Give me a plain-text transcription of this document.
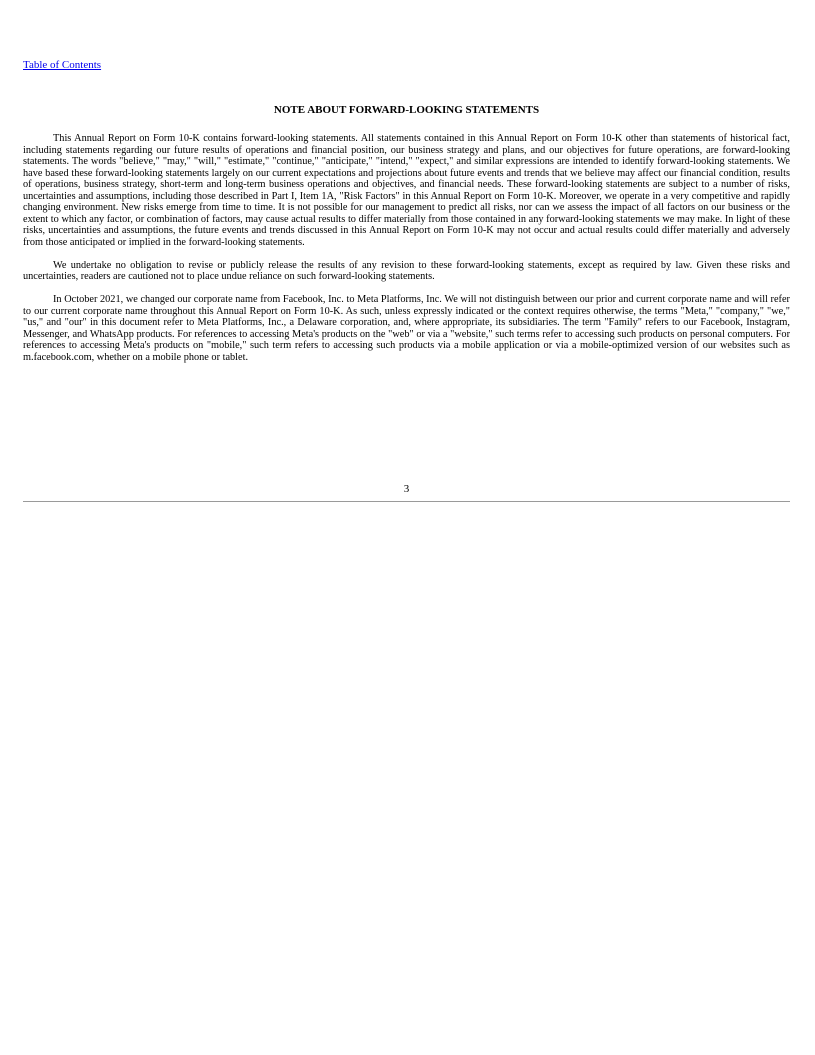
Table of Contents
NOTE ABOUT FORWARD-LOOKING STATEMENTS

This Annual Report on Form 10-K contains forward-looking statements. All statements contained in this Annual Report on Form 10-K other than statements of historical fact, including statements regarding our future results of operations and financial position, our business strategy and plans, and our objectives for future operations, are forward-looking statements. The words "believe," "may," "will," "estimate," "continue," "anticipate," "intend," "expect," and similar expressions are intended to identify forward-looking statements. We have based these forward-looking statements largely on our current expectations and projections about future events and trends that we believe may affect our financial condition, results of operations, business strategy, short-term and long-term business operations and objectives, and financial needs. These forward-looking statements are subject to a number of risks, uncertainties and assumptions, including those described in Part I, Item 1A, "Risk Factors" in this Annual Report on Form 10-K. Moreover, we operate in a very competitive and rapidly changing environment. New risks emerge from time to time. It is not possible for our management to predict all risks, nor can we assess the impact of all factors on our business or the extent to which any factor, or combination of factors, may cause actual results to differ materially from those contained in any forward-looking statements we may make. In light of these risks, uncertainties and assumptions, the future events and trends discussed in this Annual Report on Form 10-K may not occur and actual results could differ materially and adversely from those anticipated or implied in the forward-looking statements.

We undertake no obligation to revise or publicly release the results of any revision to these forward-looking statements, except as required by law. Given these risks and uncertainties, readers are cautioned not to place undue reliance on such forward-looking statements.

In October 2021, we changed our corporate name from Facebook, Inc. to Meta Platforms, Inc. We will not distinguish between our prior and current corporate name and will refer to our current corporate name throughout this Annual Report on Form 10-K. As such, unless expressly indicated or the context requires otherwise, the terms "Meta," "company," "we," "us," and "our" in this document refer to Meta Platforms, Inc., a Delaware corporation, and, where appropriate, its subsidiaries. The term "Family" refers to our Facebook, Instagram, Messenger, and WhatsApp products. For references to accessing Meta's products on the "web" or via a "website," such terms refer to accessing such products on personal computers. For references to accessing Meta's products on "mobile," such term refers to accessing such products via a mobile application or via a mobile-optimized version of our websites such as m.facebook.com, whether on a mobile phone or tablet.

3
